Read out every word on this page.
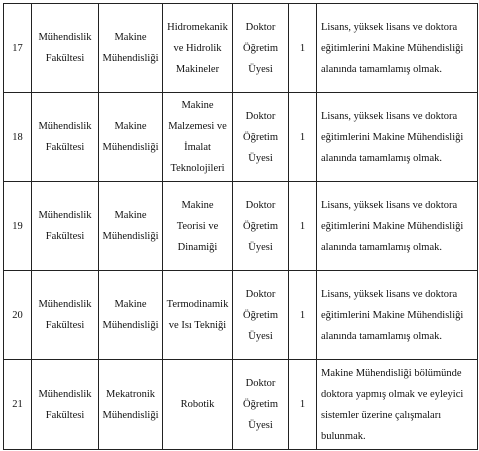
17	Mühendislik Fakültesi	Makine Mühendisliği	Hidromekanik ve Hidrolik Makineler	Doktor Öğretim Üyesi	1	Lisans, yüksek lisans ve doktora eğitimlerini Makine Mühendisliği alanında tamamlamış olmak.
18	Mühendislik Fakültesi	Makine Mühendisliği	Makine Malzemesi ve İmalat Teknolojileri	Doktor Öğretim Üyesi	1	Lisans, yüksek lisans ve doktora eğitimlerini Makine Mühendisliği alanında tamamlamış olmak.
19	Mühendislik Fakültesi	Makine Mühendisliği	Makine Teorisi ve Dinamiği	Doktor Öğretim Üyesi	1	Lisans, yüksek lisans ve doktora eğitimlerini Makine Mühendisliği alanında tamamlamış olmak.
20	Mühendislik Fakültesi	Makine Mühendisliği	Termodinamik ve Isı Tekniği	Doktor Öğretim Üyesi	1	Lisans, yüksek lisans ve doktora eğitimlerini Makine Mühendisliği alanında tamamlamış olmak.
21	Mühendislik Fakültesi	Mekatronik Mühendisliği	Robotik	Doktor Öğretim Üyesi	1	Makine Mühendisliği bölümünde doktora yapmış olmak ve eyleyici sistemler üzerine çalışmaları bulunmak.
